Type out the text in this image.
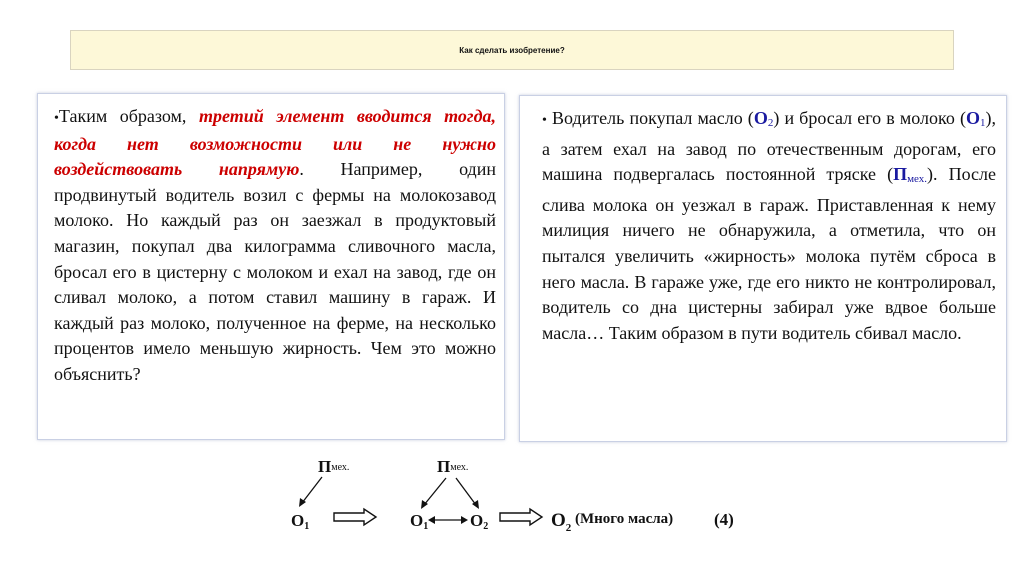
Как сделать изобретение?

•Таким образом, третий элемент вводится тогда, когда нет возможности или не нужно воздействовать напрямую. Например, один продвинутый водитель возил с фермы на молокозавод молоко. Но каждый раз он заезжал в продуктовый магазин, покупал два килограмма сливочного масла, бросал его в цистерну с молоком и ехал на завод, где он сливал молоко, а потом ставил машину в гараж. И каждый раз молоко, полученное на ферме, на несколько процентов имело меньшую жирность. Чем это можно объяснить?

• Водитель покупал масло (О2) и бросал его в молоко (О1), а затем ехал на завод по отечественным дорогам, его машина подвергалась постоянной тряске (Пмех.). После слива молока он уезжал в гараж. Приставленная к нему милиция ничего не обнаружила, а отметила, что он пытался увеличить «жирность» молока путём сброса в него масла. В гараже уже, где его никто не контролировал, водитель со дна цистерны забирал уже вдвое больше масла… Таким образом в пути водитель сбивал масло.

Пмех.
О1
Пмех.
О1 О2	$О_2$
(Много масла) (4)
